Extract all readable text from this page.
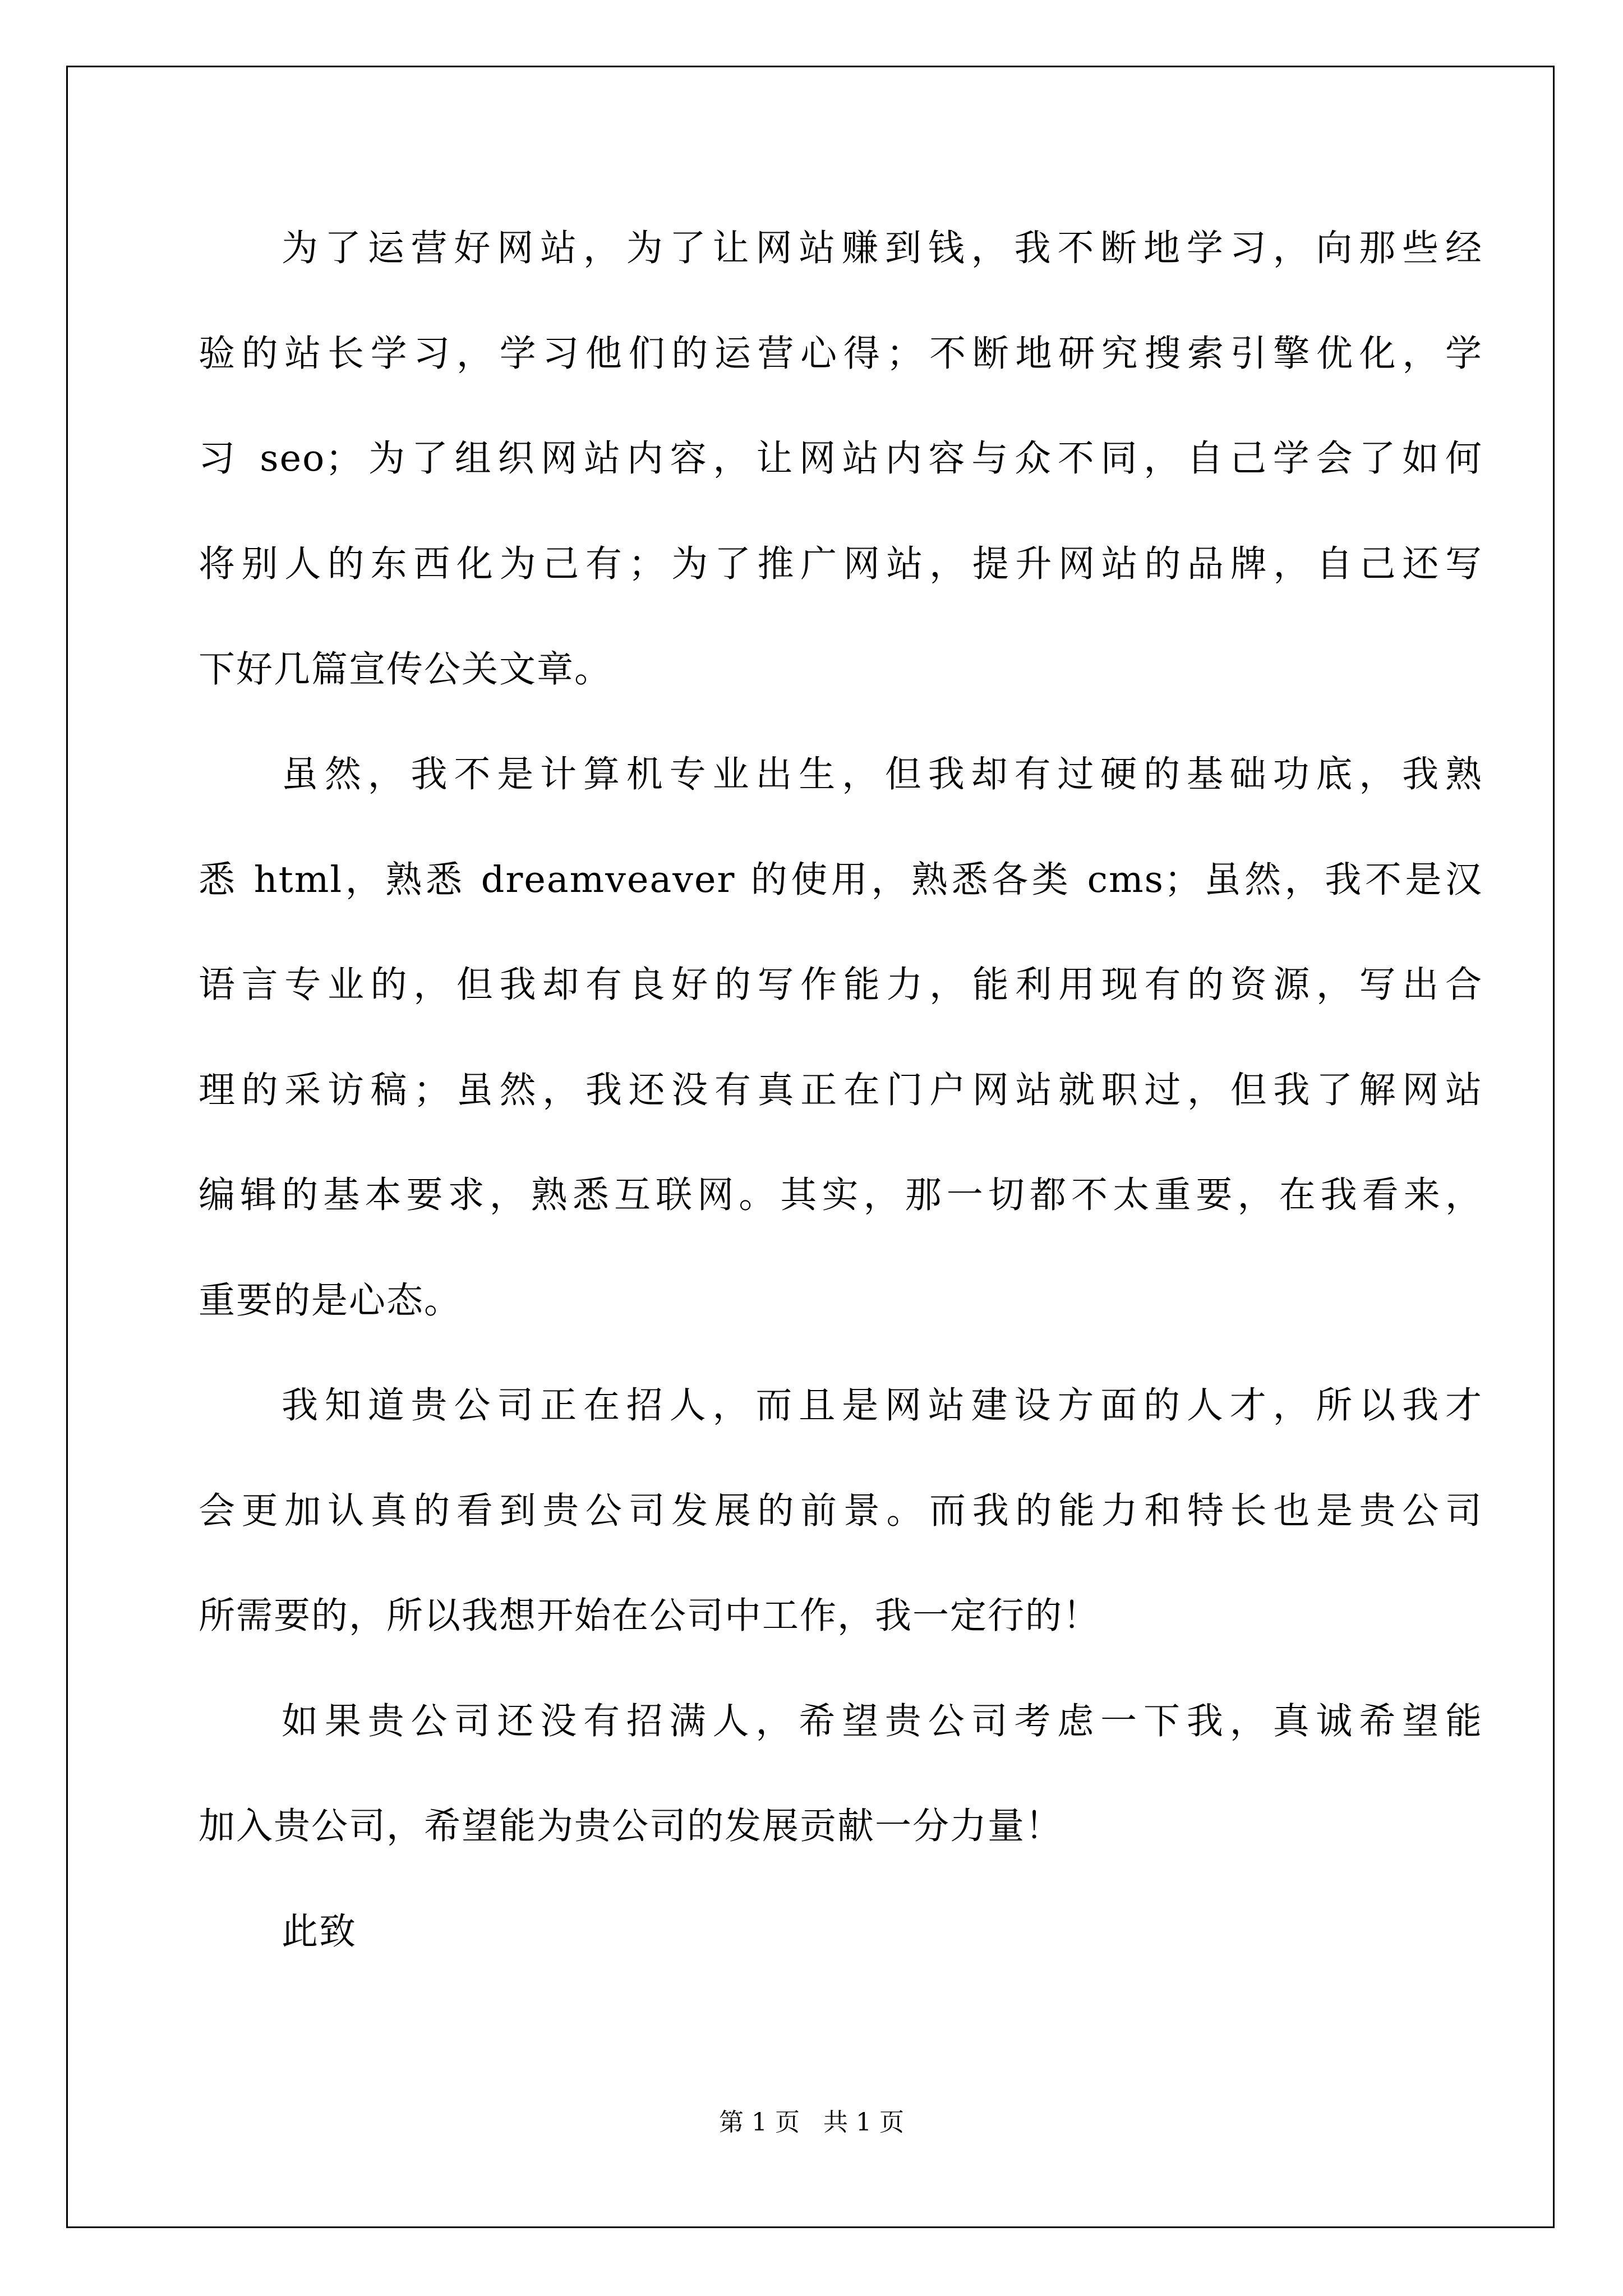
为了运营好网站，为了让网站赚到钱，我不断地学习，向那些经
验的站长学习，学习他们的运营心得；不断地研究搜索引擎优化，学
习 seo；为了组织网站内容，让网站内容与众不同，自己学会了如何
将别人的东西化为己有；为了推广网站，提升网站的品牌，自己还写
下好几篇宣传公关文章。
虽然，我不是计算机专业出生，但我却有过硬的基础功底，我熟
悉 html，熟悉 dreamveaver 的使用，熟悉各类 cms；虽然，我不是汉
语言专业的，但我却有良好的写作能力，能利用现有的资源，写出合
理的采访稿；虽然，我还没有真正在门户网站就职过，但我了解网站
编辑的基本要求，熟悉互联网。其实，那一切都不太重要，在我看来，
重要的是心态。
我知道贵公司正在招人，而且是网站建设方面的人才，所以我才
会更加认真的看到贵公司发展的前景。而我的能力和特长也是贵公司
所需要的，所以我想开始在公司中工作，我一定行的！
如果贵公司还没有招满人，希望贵公司考虑一下我，真诚希望能
加入贵公司，希望能为贵公司的发展贡献一分力量！
此致
第 1 页   共 1 页
